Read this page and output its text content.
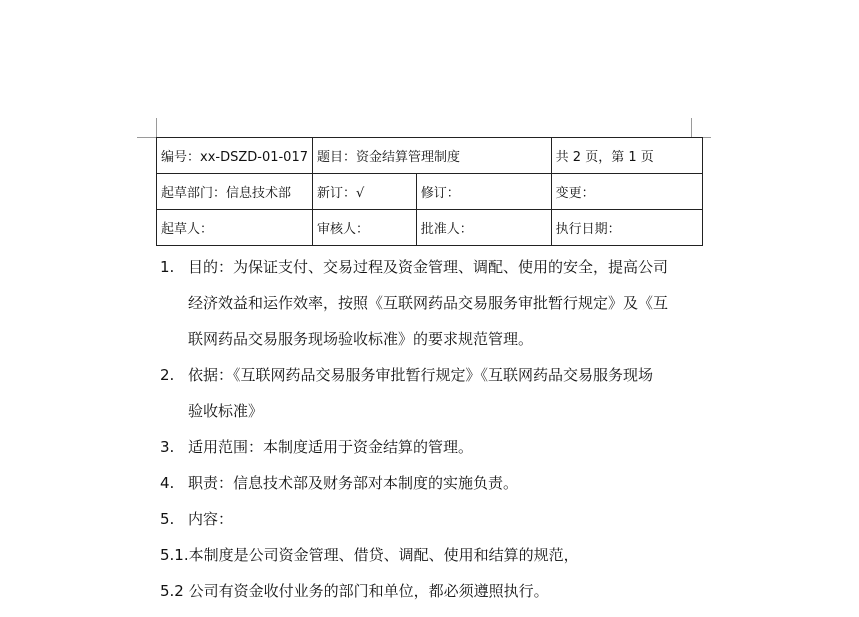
编号：xx-DSZD-01-017	题目：资金结算管理制度		共 2 页，第 1 页
起草部门：信息技术部	新订：√	修订：	变更：
起草人：	审核人：	批准人：	执行日期：
1. 目的：为保证支付、交易过程及资金管理、调配、使用的安全，提高公司
经济效益和运作效率，按照《互联网药品交易服务审批暂行规定》及《互
联网药品交易服务现场验收标准》的要求规范管理。
2. 依据：《互联网药品交易服务审批暂行规定》《互联网药品交易服务现场
验收标准》
3. 适用范围：本制度适用于资金结算的管理。
4. 职责：信息技术部及财务部对本制度的实施负责。
5. 内容：
5.1.本制度是公司资金管理、借贷、调配、使用和结算的规范，
5.2 公司有资金收付业务的部门和单位，都必须遵照执行。
